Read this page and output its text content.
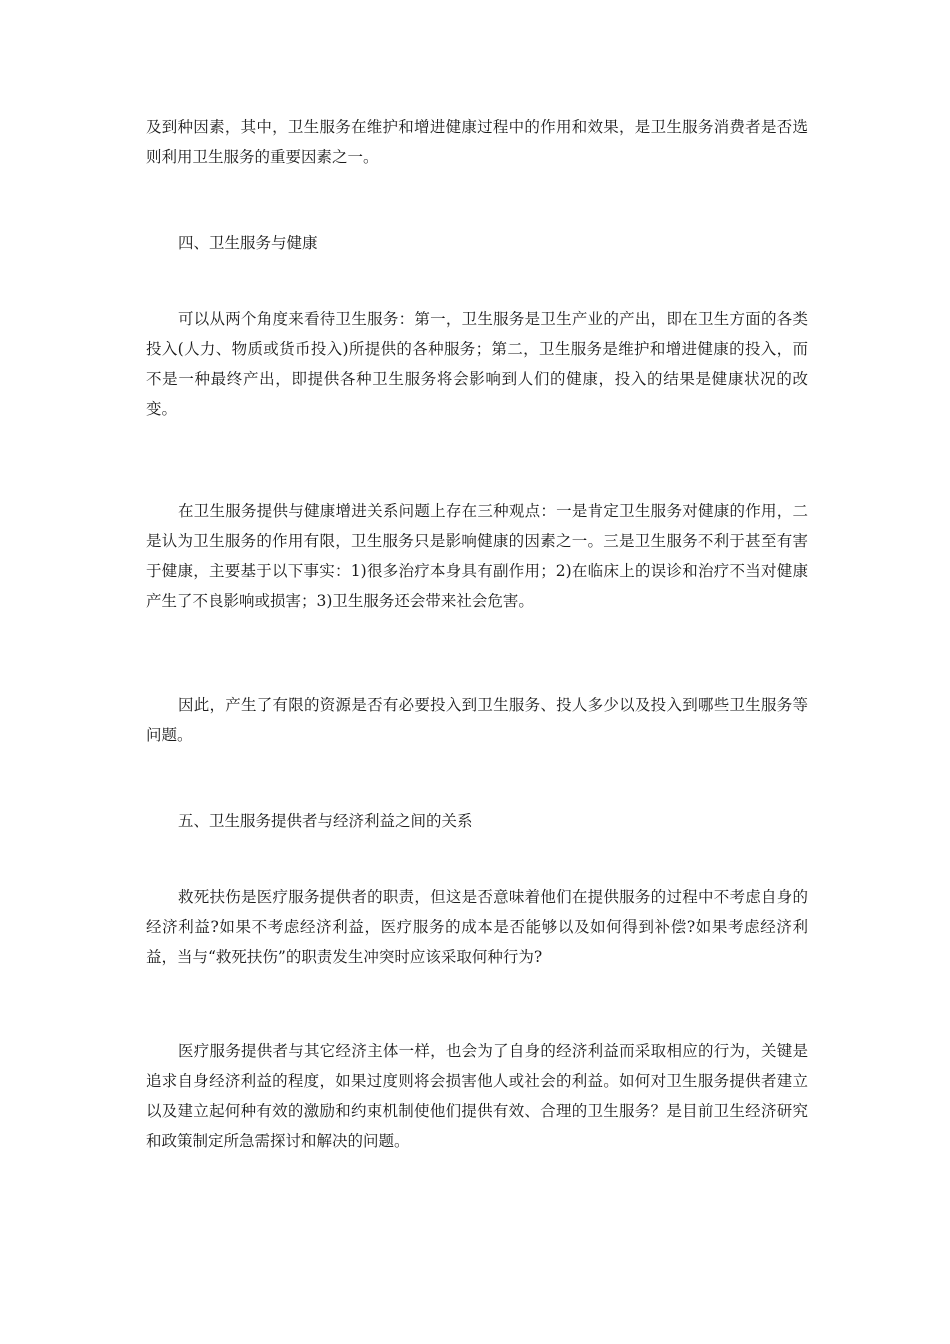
及到种因素，其中，卫生服务在维护和增进健康过程中的作用和效果，是卫生服务消费者是否选则利用卫生服务的重要因素之一。

四、卫生服务与健康

可以从两个角度来看待卫生服务：第一，卫生服务是卫生产业的产出，即在卫生方面的各类投入(人力、物质或货币投入)所提供的各种服务；第二，卫生服务是维护和增进健康的投入，而不是一种最终产出，即提供各种卫生服务将会影响到人们的健康，投入的结果是健康状况的改变。

在卫生服务提供与健康增进关系问题上存在三种观点：一是肯定卫生服务对健康的作用，二是认为卫生服务的作用有限，卫生服务只是影响健康的因素之一。三是卫生服务不利于甚至有害于健康，主要基于以下事实：1)很多治疗本身具有副作用；2)在临床上的误诊和治疗不当对健康产生了不良影响或损害；3)卫生服务还会带来社会危害。

因此，产生了有限的资源是否有必要投入到卫生服务、投人多少以及投入到哪些卫生服务等问题。

五、卫生服务提供者与经济利益之间的关系

救死扶伤是医疗服务提供者的职责，但这是否意味着他们在提供服务的过程中不考虑自身的经济利益?如果不考虑经济利益，医疗服务的成本是否能够以及如何得到补偿?如果考虑经济利益，当与“救死扶伤”的职责发生冲突时应该采取何种行为?

医疗服务提供者与其它经济主体一样，也会为了自身的经济利益而采取相应的行为，关键是追求自身经济利益的程度，如果过度则将会损害他人或社会的利益。如何对卫生服务提供者建立以及建立起何种有效的激励和约束机制使他们提供有效、合理的卫生服务？是目前卫生经济研究和政策制定所急需探讨和解决的问题。
